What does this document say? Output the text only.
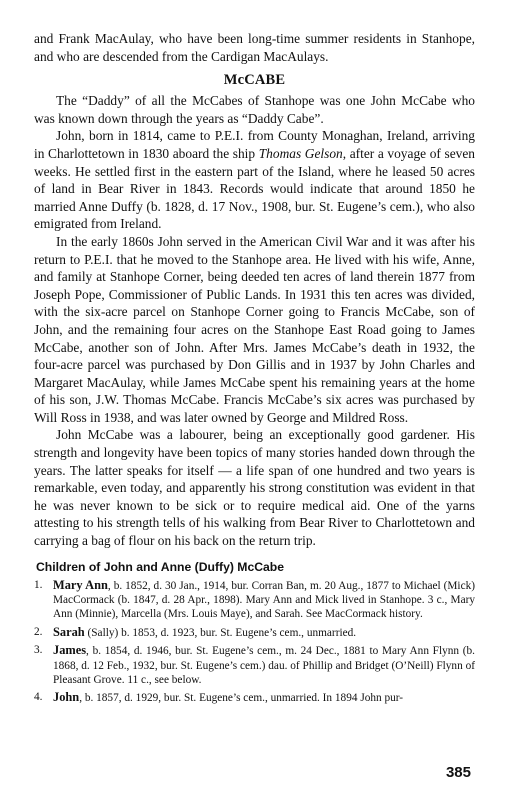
and Frank MacAulay, who have been long-time summer residents in Stanhope, and who are descended from the Cardigan MacAulays.

McCABE

The “Daddy” of all the McCabes of Stanhope was one John McCabe who was known down through the years as “Daddy Cabe”.

John, born in 1814, came to P.E.I. from County Monaghan, Ireland, arriving in Charlottetown in 1830 aboard the ship Thomas Gelson, after a voyage of seven weeks. He settled first in the eastern part of the Island, where he leased 50 acres of land in Bear River in 1843. Records would indicate that around 1850 he married Anne Duffy (b. 1828, d. 17 Nov., 1908, bur. St. Eugene’s cem.), who also emigrated from Ireland.

In the early 1860s John served in the American Civil War and it was after his return to P.E.I. that he moved to the Stanhope area. He lived with his wife, Anne, and family at Stanhope Corner, being deeded ten acres of land therein 1877 from Joseph Pope, Commissioner of Public Lands. In 1931 this ten acres was divided, with the six-acre parcel on Stanhope Corner going to Francis McCabe, son of John, and the remaining four acres on the Stanhope East Road going to James McCabe, another son of John. After Mrs. James McCabe’s death in 1932, the four-acre parcel was purchased by Don Gillis and in 1937 by John Charles and Margaret MacAulay, while James McCabe spent his remaining years at the home of his son, J.W. Thomas McCabe. Francis McCabe’s six acres was purchased by Will Ross in 1938, and was later owned by George and Mildred Ross.

John McCabe was a labourer, being an exceptionally good gardener. His strength and longevity have been topics of many stories handed down through the years. The latter speaks for itself — a life span of one hundred and two years is remarkable, even today, and apparently his strong constitution was evident in that he was never known to be sick or to require medical aid. One of the yarns attesting to his strength tells of his walking from Bear River to Charlottetown and carrying a bag of flour on his back on the return trip.

Children of John and Anne (Duffy) McCabe
1. Mary Ann, b. 1852, d. 30 Jan., 1914, bur. Corran Ban, m. 20 Aug., 1877 to Michael (Mick) MacCormack (b. 1847, d. 28 Apr., 1898). Mary Ann and Mick lived in Stanhope. 3 c., Mary Ann (Minnie), Marcella (Mrs. Louis Maye), and Sarah. See MacCormack history.
2. Sarah (Sally) b. 1853, d. 1923, bur. St. Eugene’s cem., unmarried.
3. James, b. 1854, d. 1946, bur. St. Eugene’s cem., m. 24 Dec., 1881 to Mary Ann Flynn (b. 1868, d. 12 Feb., 1932, bur. St. Eugene’s cem.) dau. of Phillip and Bridget (O’Neill) Flynn of Pleasant Grove. 11 c., see below.
4. John, b. 1857, d. 1929, bur. St. Eugene’s cem., unmarried. In 1894 John pur-
385
